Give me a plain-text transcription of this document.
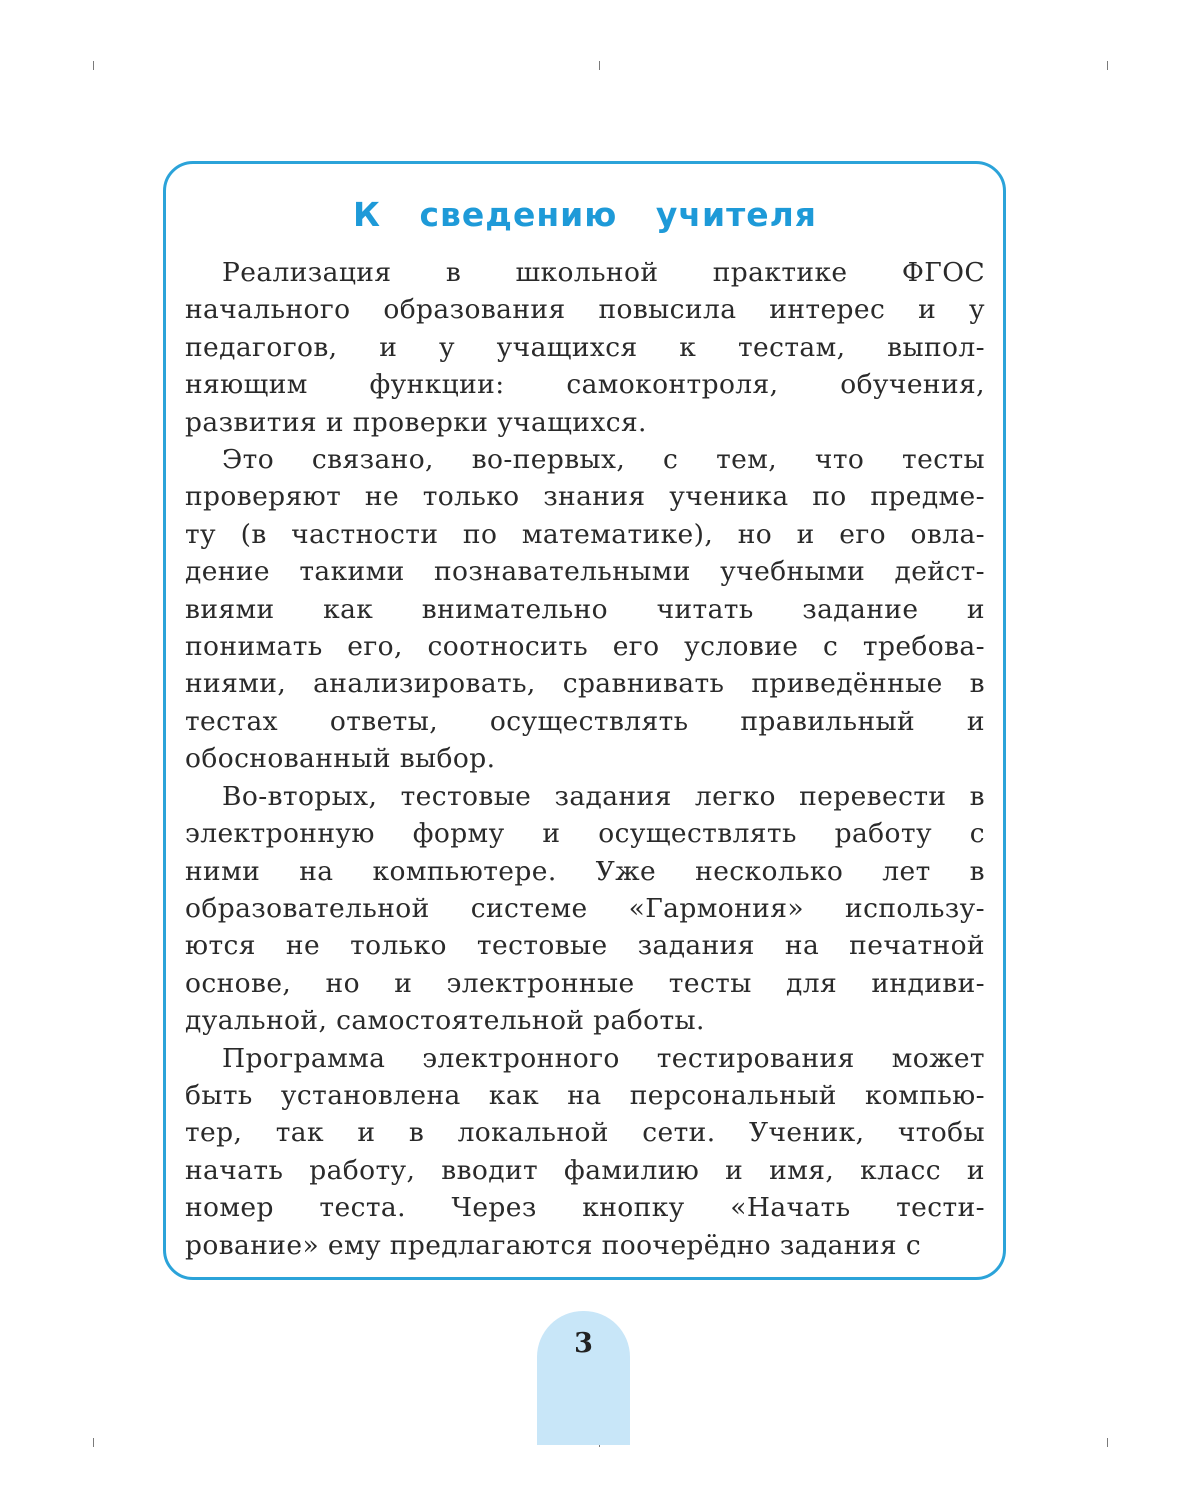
К сведению учителя
Реализация в школьной практике ФГОС
начального образования повысила интерес и у
педагогов, и у учащихся к тестам, выпол-
няющим функции: самоконтроля, обучения,
развития и проверки учащихся.
Это связано, во-первых, с тем, что тесты
проверяют не только знания ученика по предме-
ту (в частности по математике), но и его овла-
дение такими познавательными учебными дейст-
виями как внимательно читать задание и
понимать его, соотносить его условие с требова-
ниями, анализировать, сравнивать приведённые в
тестах ответы, осуществлять правильный и
обоснованный выбор.
Во-вторых, тестовые задания легко перевести в
электронную форму и осуществлять работу с
ними на компьютере. Уже несколько лет в
образовательной системе «Гармония» использу-
ются не только тестовые задания на печатной
основе, но и электронные тесты для индиви-
дуальной, самостоятельной работы.
Программа электронного тестирования может
быть установлена как на персональный компью-
тер, так и в локальной сети. Ученик, чтобы
начать работу, вводит фамилию и имя, класс и
номер теста. Через кнопку «Начать тести-
рование» ему предлагаются поочерёдно задания с
3
